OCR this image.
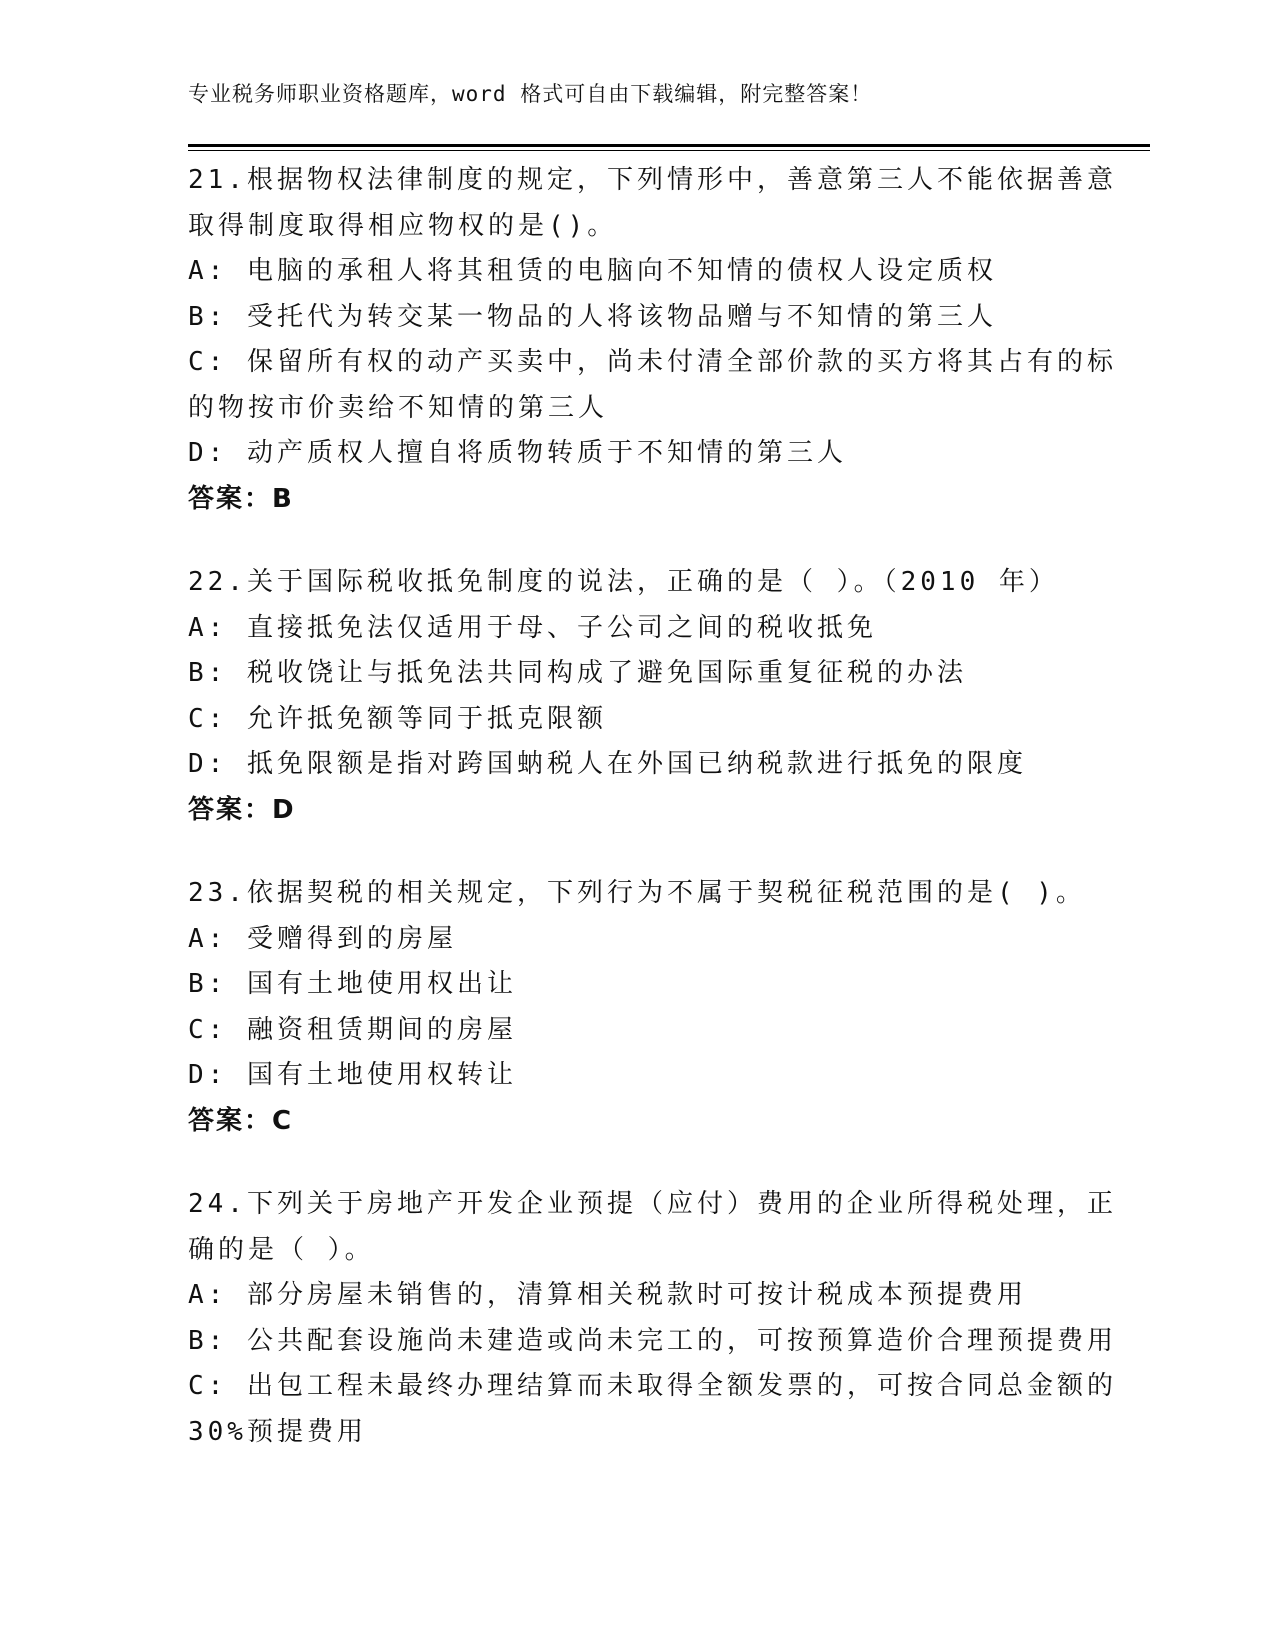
专业税务师职业资格题库，word 格式可自由下载编辑，附完整答案！
21.根据物权法律制度的规定，下列情形中，善意第三人不能依据善意
取得制度取得相应物权的是()。
A: 电脑的承租人将其租赁的电脑向不知情的债权人设定质权
B: 受托代为转交某一物品的人将该物品赠与不知情的第三人
C: 保留所有权的动产买卖中，尚未付清全部价款的买方将其占有的标
的物按市价卖给不知情的第三人
D: 动产质权人擅自将质物转质于不知情的第三人
答案：B
22.关于国际税收抵免制度的说法，正确的是（ ）。（2010 年）
A: 直接抵免法仅适用于母、子公司之间的税收抵免
B: 税收饶让与抵免法共同构成了避免国际重复征税的办法
C: 允许抵免额等同于抵克限额
D: 抵免限额是指对跨国蚋税人在外国已纳税款进行抵免的限度
答案：D
23.依据契税的相关规定，下列行为不属于契税征税范围的是( )。
A: 受赠得到的房屋
B: 国有土地使用权出让
C: 融资租赁期间的房屋
D: 国有土地使用权转让
答案：C
24.下列关于房地产开发企业预提（应付）费用的企业所得税处理，正
确的是（ ）。
A: 部分房屋未销售的，清算相关税款时可按计税成本预提费用
B: 公共配套设施尚未建造或尚未完工的，可按预算造价合理预提费用
C: 出包工程未最终办理结算而未取得全额发票的，可按合同总金额的
30%预提费用
